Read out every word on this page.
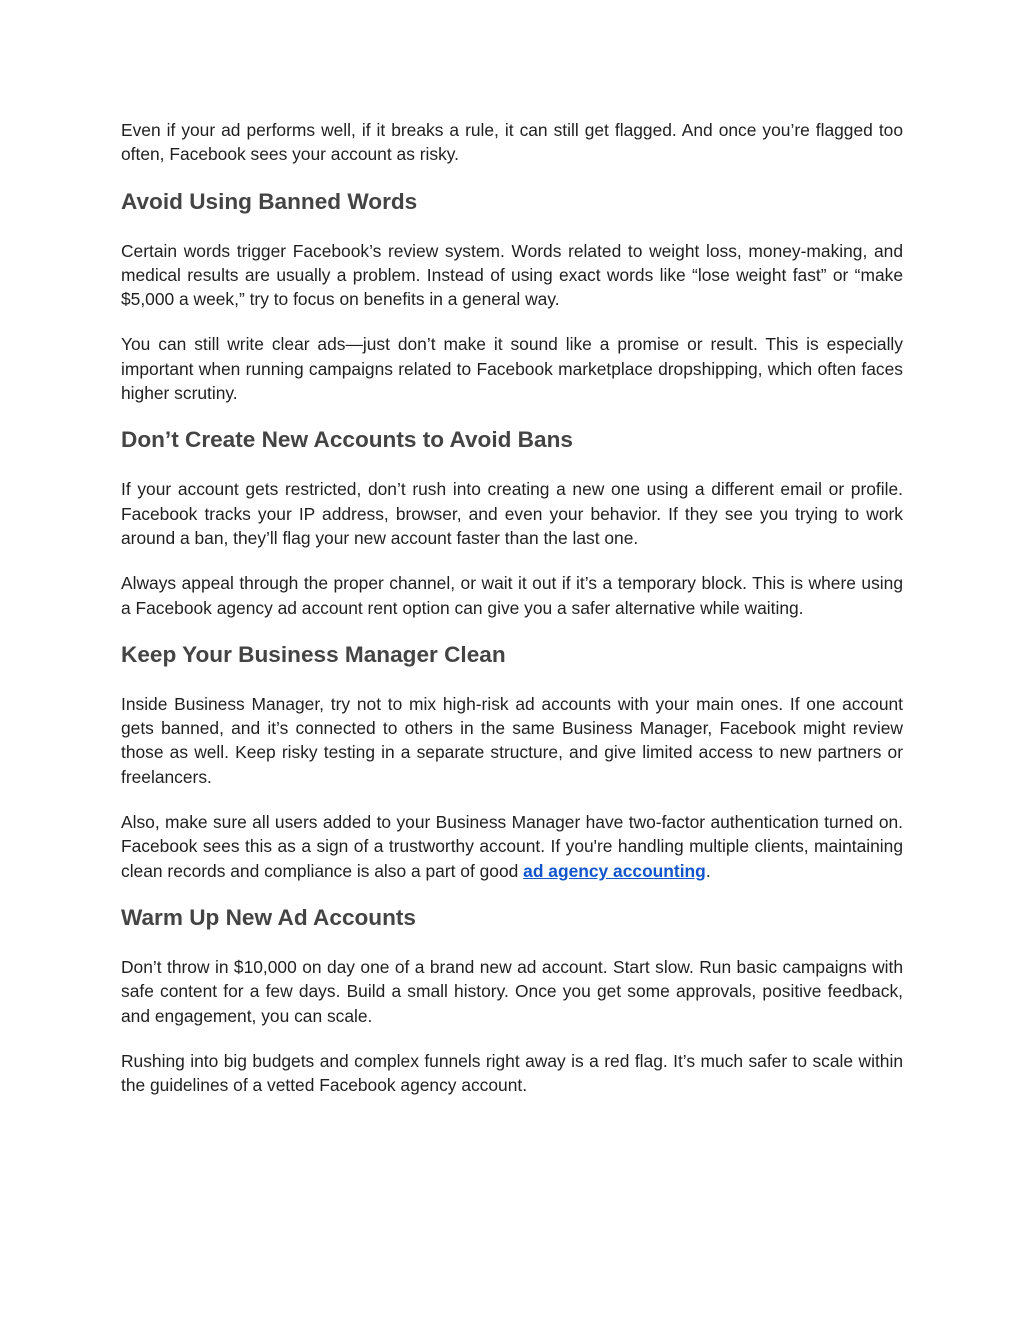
Even if your ad performs well, if it breaks a rule, it can still get flagged. And once you’re flagged too often, Facebook sees your account as risky.

Avoid Using Banned Words

Certain words trigger Facebook’s review system. Words related to weight loss, money-making, and medical results are usually a problem. Instead of using exact words like “lose weight fast” or “make $5,000 a week,” try to focus on benefits in a general way.

You can still write clear ads—just don’t make it sound like a promise or result. This is especially important when running campaigns related to Facebook marketplace dropshipping, which often faces higher scrutiny.

Don’t Create New Accounts to Avoid Bans

If your account gets restricted, don’t rush into creating a new one using a different email or profile. Facebook tracks your IP address, browser, and even your behavior. If they see you trying to work around a ban, they’ll flag your new account faster than the last one.

Always appeal through the proper channel, or wait it out if it’s a temporary block. This is where using a Facebook agency ad account rent option can give you a safer alternative while waiting.

Keep Your Business Manager Clean

Inside Business Manager, try not to mix high-risk ad accounts with your main ones. If one account gets banned, and it’s connected to others in the same Business Manager, Facebook might review those as well. Keep risky testing in a separate structure, and give limited access to new partners or freelancers.

Also, make sure all users added to your Business Manager have two-factor authentication turned on. Facebook sees this as a sign of a trustworthy account. If you're handling multiple clients, maintaining clean records and compliance is also a part of good ad agency accounting.

Warm Up New Ad Accounts

Don’t throw in $10,000 on day one of a brand new ad account. Start slow. Run basic campaigns with safe content for a few days. Build a small history. Once you get some approvals, positive feedback, and engagement, you can scale.

Rushing into big budgets and complex funnels right away is a red flag. It’s much safer to scale within the guidelines of a vetted Facebook agency account.
